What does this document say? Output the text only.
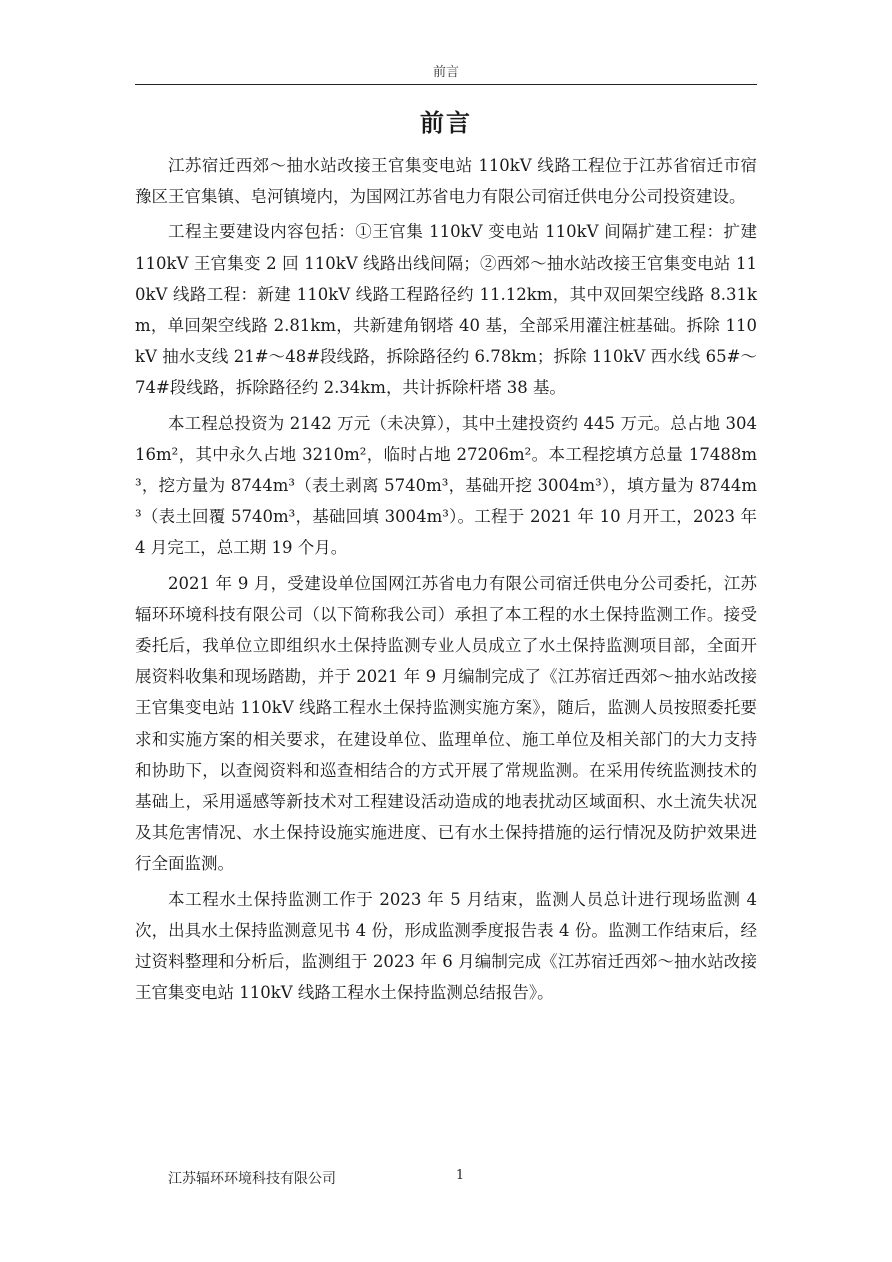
前言
前言

江苏宿迁西郊～抽水站改接王官集变电站 110kV 线路工程位于江苏省宿迁市宿豫区王官集镇、皂河镇境内，为国网江苏省电力有限公司宿迁供电分公司投资建设。

工程主要建设内容包括：①王官集 110kV 变电站 110kV 间隔扩建工程：扩建 110kV 王官集变 2 回 110kV 线路出线间隔；②西郊～抽水站改接王官集变电站 110kV 线路工程：新建 110kV 线路工程路径约 11.12km，其中双回架空线路 8.31km，单回架空线路 2.81km，共新建角钢塔 40 基，全部采用灌注桩基础。拆除 110kV 抽水支线 21#～48#段线路，拆除路径约 6.78km；拆除 110kV 西水线 65#～74#段线路，拆除路径约 2.34km，共计拆除杆塔 38 基。

本工程总投资为 2142 万元（未决算），其中土建投资约 445 万元。总占地 30416m²，其中永久占地 3210m²，临时占地 27206m²。本工程挖填方总量 17488m³，挖方量为 8744m³（表土剥离 5740m³，基础开挖 3004m³），填方量为 8744m³（表土回覆 5740m³，基础回填 3004m³）。工程于 2021 年 10 月开工，2023 年 4 月完工，总工期 19 个月。

2021 年 9 月，受建设单位国网江苏省电力有限公司宿迁供电分公司委托，江苏辐环环境科技有限公司（以下简称我公司）承担了本工程的水土保持监测工作。接受委托后，我单位立即组织水土保持监测专业人员成立了水土保持监测项目部，全面开展资料收集和现场踏勘，并于 2021 年 9 月编制完成了《江苏宿迁西郊～抽水站改接王官集变电站 110kV 线路工程水土保持监测实施方案》，随后，监测人员按照委托要求和实施方案的相关要求，在建设单位、监理单位、施工单位及相关部门的大力支持和协助下，以查阅资料和巡查相结合的方式开展了常规监测。在采用传统监测技术的基础上，采用遥感等新技术对工程建设活动造成的地表扰动区域面积、水土流失状况及其危害情况、水土保持设施实施进度、已有水土保持措施的运行情况及防护效果进行全面监测。

本工程水土保持监测工作于 2023 年 5 月结束，监测人员总计进行现场监测 4 次，出具水土保持监测意见书 4 份，形成监测季度报告表 4 份。监测工作结束后，经过资料整理和分析后，监测组于 2023 年 6 月编制完成《江苏宿迁西郊～抽水站改接王官集变电站 110kV 线路工程水土保持监测总结报告》。

江苏辐环环境科技有限公司	1
